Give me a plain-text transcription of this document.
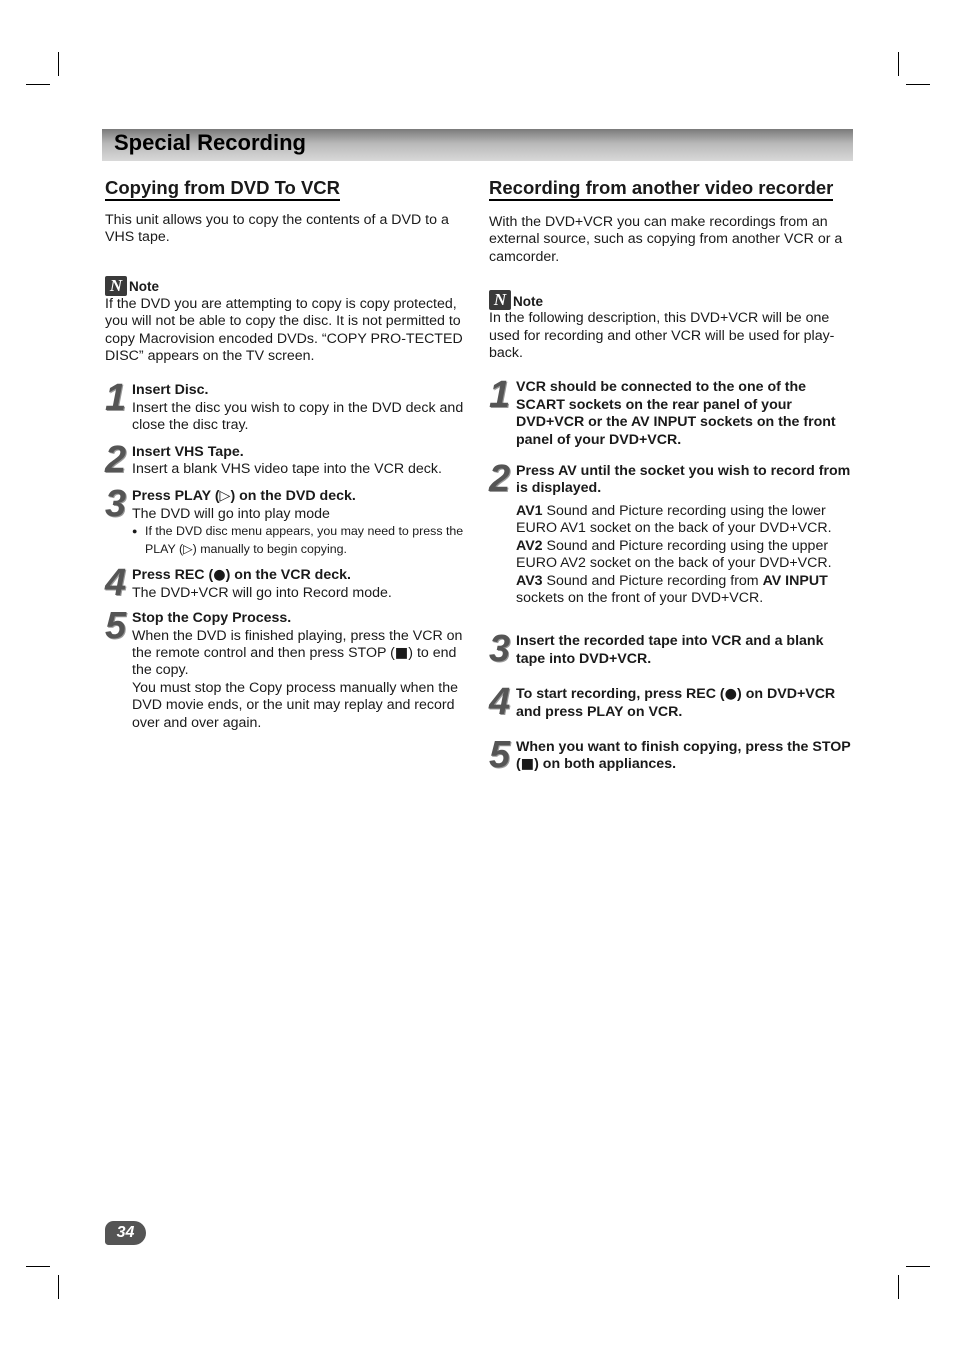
Special Recording
Copying from DVD To VCR

This unit allows you to copy the contents of a DVD to a VHS tape.

N Note

If the DVD you are attempting to copy is copy protected, you will not be able to copy the disc. It is not permitted to copy Macrovision encoded DVDs. “COPY PRO-TECTED DISC” appears on the TV screen.

1 Insert Disc.

Insert the disc you wish to copy in the DVD deck and close the disc tray.

2 Insert VHS Tape.

Insert a blank VHS video tape into the VCR deck.

3 Press PLAY (▷) on the DVD deck.

The DVD will go into play mode

● If the DVD disc menu appears, you may need to press the PLAY (▷) manually to begin copying.
4 Press REC (●) on the VCR deck.

The DVD+VCR will go into Record mode.

5 Stop the Copy Process.

When the DVD is finished playing, press the VCR on the remote control and then press STOP (■) to end the copy.

You must stop the Copy process manually when the DVD movie ends, or the unit may replay and record over and over again.

Recording from another video recorder

With the DVD+VCR you can make recordings from an external source, such as copying from another VCR or a camcorder.

N Note

In the following description, this DVD+VCR will be one used for recording and other VCR will be used for play-back.

1 VCR should be connected to the one of the SCART sockets on the rear panel of your DVD+VCR or the AV INPUT sockets on the front panel of your DVD+VCR.
2 Press AV until the socket you wish to record from is displayed.

AV1 Sound and Picture recording using the lower EURO AV1 socket on the back of your DVD+VCR.

AV2 Sound and Picture recording using the upper EURO AV2 socket on the back of your DVD+VCR.

AV3 Sound and Picture recording from AV INPUT sockets on the front of your DVD+VCR.

3 Insert the recorded tape into VCR and a blank tape into DVD+VCR.
4 To start recording, press REC (●) on DVD+VCR and press PLAY on VCR.
5 When you want to finish copying, press the STOP (■) on both appliances.
34
